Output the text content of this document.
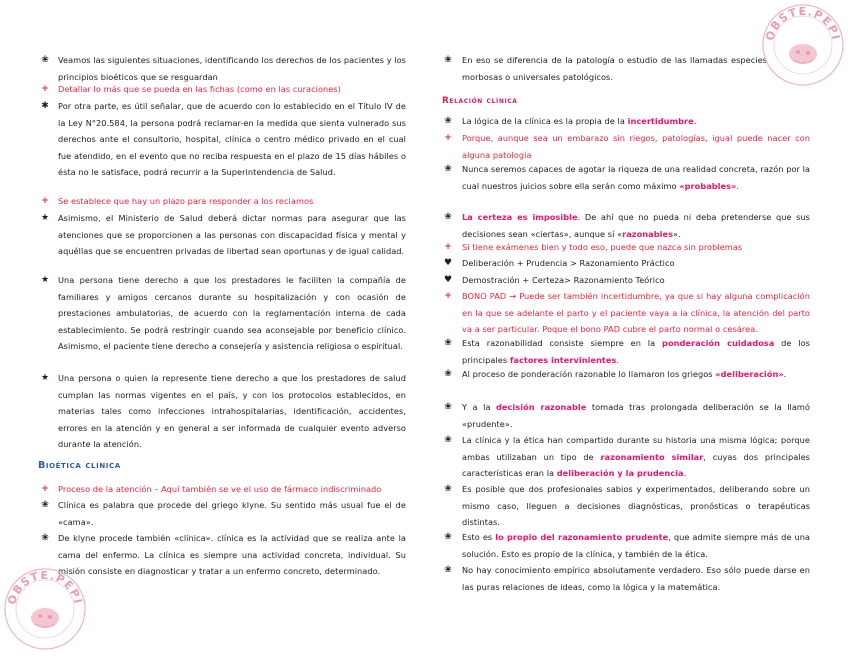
❀ Veamos las siguientes situaciones, identificando los derechos de los pacientes y los principios bioéticos que se resguardan
+ Detallar lo más que se pueda en las fichas (como en las curaciones)
✱ Por otra parte, es útil señalar, que de acuerdo con lo establecido en el Título IV de la Ley N°20.584, la persona podrá reclamar-en la medida que sienta vulnerado sus derechos ante el consultorio, hospital, clínica o centro médico privado en el cual fue atendido, en el evento que no reciba respuesta en el plazo de 15 días hábiles o ésta no le satisface, podrá recurrir a la Superintendencia de Salud.
+ Se establece que hay un plazo para responder a los reclamos
★ Asimismo, el Ministerio de Salud deberá dictar normas para asegurar que las atenciones que se proporcionen a las personas con discapacidad física y mental y aquéllas que se encuentren privadas de libertad sean oportunas y de igual calidad.
★ Una persona tiene derecho a que los prestadores le faciliten la compañía de familiares y amigos cercanos durante su hospitalización y con ocasión de prestaciones ambulatorias, de acuerdo con la reglamentación interna de cada establecimiento. Se podrá restringir cuando sea aconsejable por beneficio clínico. Asimismo, el paciente tiene derecho a consejería y asistencia religiosa o espiritual.
★ Una persona o quien la represente tiene derecho a que los prestadores de salud cumplan las normas vigentes en el país, y con los protocolos establecidos, en materias tales como infecciones intrahospitalarias, identificación, accidentes, errores en la atención y en general a ser informada de cualquier evento adverso durante la atención.
Bioética clínica
+ Proceso de la atención – Aquí también se ve el uso de fármaco indiscriminado
❀ Clínica es palabra que procede del griego klyne. Su sentido más usual fue el de «cama».
❀ De klyne procede también «clínica». clínica es la actividad que se realiza ante la cama del enfermo. La clínica es siempre una actividad concreta, individual. Su misión consiste en diagnosticar y tratar a un enfermo concreto, determinado.
❀ En eso se diferencia de la patología o estudio de las llamadas especies morbosas o universales patológicos.
Relación clínica
❀ La lógica de la clínica es la propia de la incertidumbre.
+ Porque, aunque sea un embarazo sin riegos, patologías, igual puede nacer con alguna patología
❀ Nunca seremos capaces de agotar la riqueza de una realidad concreta, razón por la cual nuestros juicios sobre ella serán como máximo «probables».
❀ La certeza es imposible. De ahí que no pueda ni deba pretenderse que sus decisiones sean «ciertas», aunque sí «razonables».
+ Si tiene exámenes bien y todo eso, puede que nazca sin problemas
♥ Deliberación + Prudencia > Razonamiento Práctico
♥ Demostración + Certeza> Razonamiento Teórico
+ BONO PAD → Puede ser también incertidumbre, ya que si hay alguna complicación en la que se adelante el parto y el paciente vaya a la clínica, la atención del parto va a ser particular. Poque el bono PAD cubre el parto normal o cesárea.
❀ Esta razonabilidad consiste siempre en la ponderación cuidadosa de los principales factores intervinientes.
❀ Al proceso de ponderación razonable lo llamaron los griegos «deliberación».
❀ Y a la decisión razonable tomada tras prolongada deliberación se la llamó «prudente».
❀ La clínica y la ética han compartido durante su historia una misma lógica; porque ambas utilizaban un tipo de razonamiento similar, cuyas dos principales características eran la deliberación y la prudencia.
❀ Es posible que dos profesionales sabios y experimentados, deliberando sobre un mismo caso, lleguen a decisiones diagnósticas, pronósticas o terapéuticas distintas.
❀ Esto es lo propio del razonamiento prudente, que admite siempre más de una solución. Esto es propio de la clínica, y también de la ética.
❀ No hay conocimiento empírico absolutamente verdadero. Eso sólo puede darse en las puras relaciones de ideas, como la lógica y la matemática.
OBSTE.PEPI
OBSTE.PEPI
